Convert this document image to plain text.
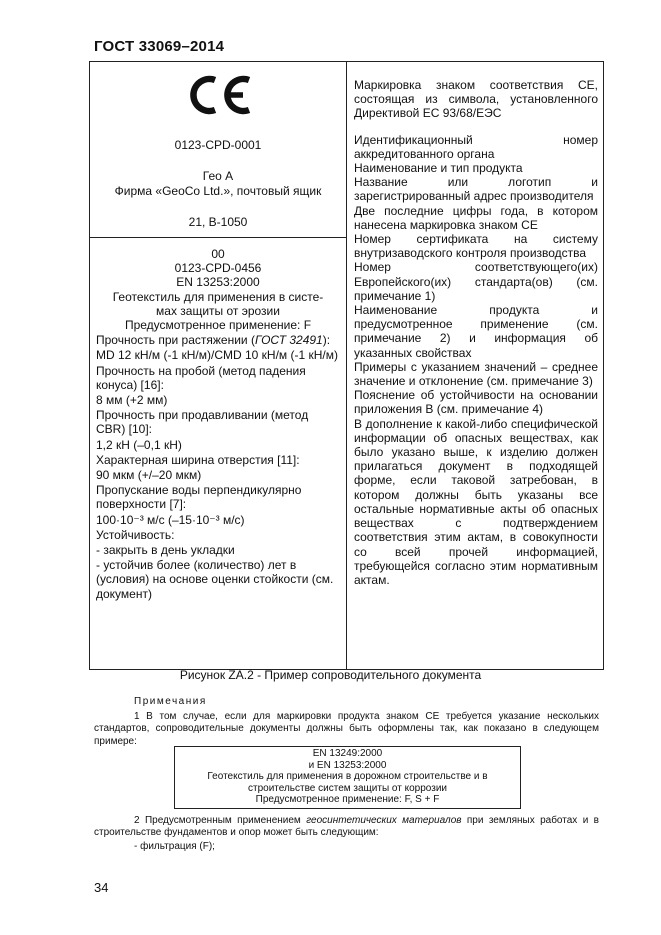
ГОСТ 33069–2014
0123-CPD-0001
Гео А
Фирма «GeoCo Ltd.», почтовый ящик
21, B-1050

Маркировка знаком соответствия CE, состоящая из символа, установленного Директивой ЕС 93/68/ЕЭС
Идентификационный номер аккредитованного органа
Наименование и тип продукта
Название или логотип и зарегистрированный адрес производителя
Две последние цифры года, в котором нанесена маркировка знаком СЕ
Номер сертификата на систему внутризаводского контроля производства
Номер соответствующего(их) Европейского(их) стандарта(ов) (см. примечание 1)
Наименование продукта и предусмотренное применение (см. примечание 2) и информация об указанных свойствах
Примеры с указанием значений – среднее значение и отклонение (см. примечание 3)
Пояснение об устойчивости на основании приложения В (см. примечание 4)
В дополнение к какой-либо специфической информации об опасных веществах, как было указано выше, к изделию должен прилагаться документ в подходящей форме, если таковой затребован, в котором должны быть указаны все остальные нормативные акты об опасных веществах с подтверждением соответствия этим актам, в совокупности со всей прочей информацией, требующейся согласно этим нормативным актам.

00
0123-CPD-0456
EN 13253:2000
Геотекстиль для применения в систе-
мах защиты от эрозии
Предусмотренное применение: F
Прочность при растяжении (ГОСТ 32491):
MD 12 кН/м (-1 кН/м)/CMD 10 кН/м (-1 кН/м)
Прочность на пробой (метод падения конуса) [16]:
8 мм (+2 мм)
Прочность при продавливании (метод CBR) [10]:
1,2 кН (–0,1 кН)
Характерная ширина отверстия [11]:
90 мкм (+/–20 мкм)
Пропускание воды перпендикулярно поверхности [7]:
100·10⁻³ м/с (–15·10⁻³ м/с)
Устойчивость:
- закрыть в день укладки
- устойчив более (количество) лет в (условия) на основе оценки стойкости (см. документ)
Рисунок ZA.2 - Пример сопроводительного документа
Примечания
1 В том случае, если для маркировки продукта знаком СЕ требуется указание нескольких стандартов, сопроводительные документы должны быть оформлены так, как показано в следующем примере:
EN 13249:2000
и EN 13253:2000
Геотекстиль для применения в дорожном строительстве и в
строительстве систем защиты от коррозии
Предусмотренное применение: F, S + F
2 Предусмотренным применением геосинтетических материалов при земляных работах и в строительстве фундаментов и опор может быть следующим:
- фильтрация (F);
34
